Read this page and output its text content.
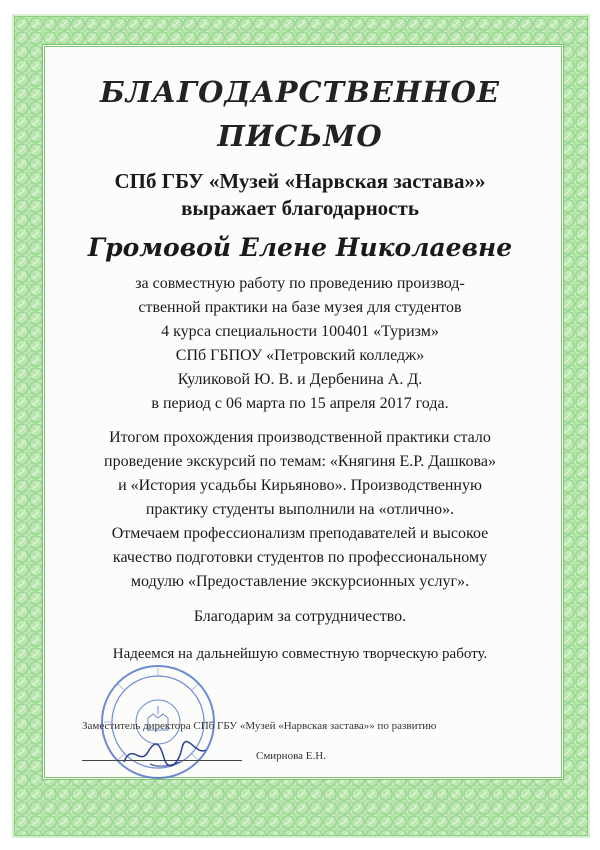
БЛАГОДАРСТВЕННОЕ
ПИСЬМО

СПб ГБУ «Музей «Нарвская застава»»

выражает благодарность

Громовой Елене Николаевне

за совместную работу по проведению производ-

ственной практики на базе музея для студентов

4 курса специальности 100401 «Туризм»

СПб ГБПОУ «Петровский колледж»

Куликовой Ю. В. и Дербенина А. Д.

в период с 06 марта по 15 апреля 2017 года.

Итогом прохождения производственной практики стало

проведение экскурсий по темам: «Княгиня Е.Р. Дашкова»

и «История усадьбы Кирьяново». Производственную

практику студенты выполнили на «отлично».

Отмечаем профессионализм преподавателей и высокое

качество подготовки студентов по профессиональному

модулю «Предоставление экскурсионных услуг».

Благодарим за сотрудничество.

Надеемся на дальнейшую совместную творческую работу.

Заместитель директора СПб ГБУ «Музей «Нарвская застава»» по развитию
Смирнова Е.Н.
